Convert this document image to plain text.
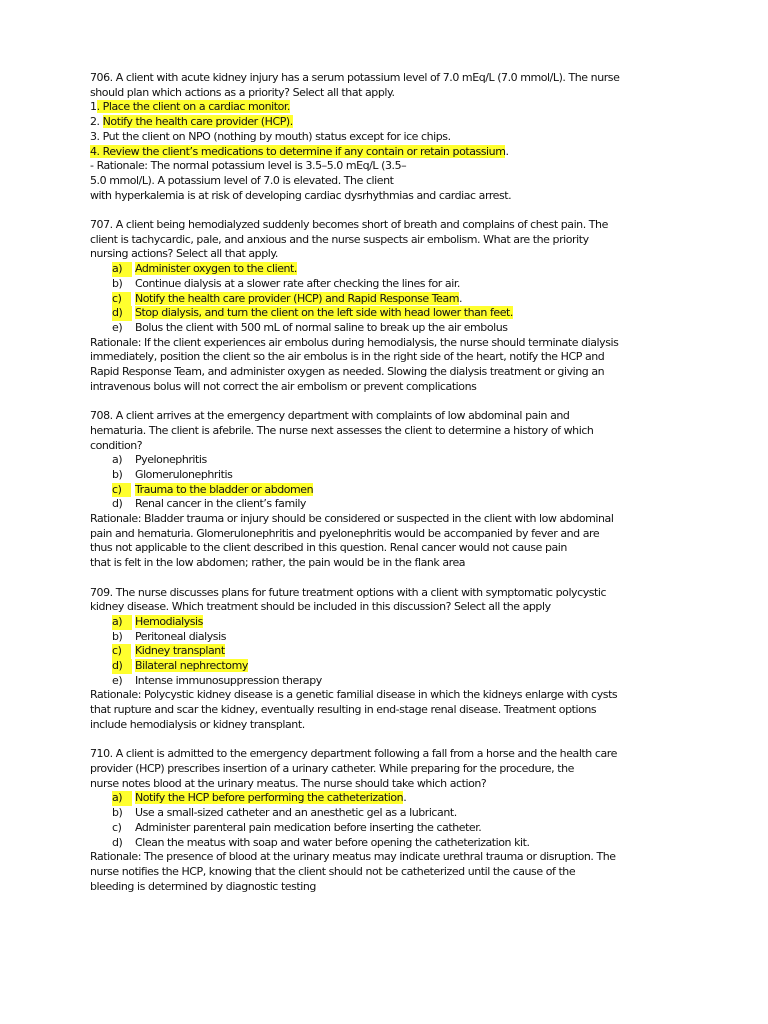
706. A client with acute kidney injury has a serum potassium level of 7.0 mEq/L (7.0 mmol/L). The nurse
should plan which actions as a priority? Select all that apply.
1. Place the client on a cardiac monitor.
2. Notify the health care provider (HCP).
3. Put the client on NPO (nothing by mouth) status except for ice chips.
4. Review the client’s medications to determine if any contain or retain potassium.
- Rationale: The normal potassium level is 3.5–5.0 mEq/L (3.5–
5.0 mmol/L). A potassium level of 7.0 is elevated. The client
with hyperkalemia is at risk of developing cardiac dysrhythmias and cardiac arrest.
707. A client being hemodialyzed suddenly becomes short of breath and complains of chest pain. The
client is tachycardic, pale, and anxious and the nurse suspects air embolism. What are the priority
nursing actions? Select all that apply.
a)	Administer oxygen to the client.
b) Continue dialysis at a slower rate after checking the lines for air.
c)	Notify the health care provider (HCP) and Rapid Response Team.
d)	Stop dialysis, and turn the client on the left side with head lower than feet.
e) Bolus the client with 500 mL of normal saline to break up the air embolus
Rationale: If the client experiences air embolus during hemodialysis, the nurse should terminate dialysis
immediately, position the client so the air embolus is in the right side of the heart, notify the HCP and
Rapid Response Team, and administer oxygen as needed. Slowing the dialysis treatment or giving an
intravenous bolus will not correct the air embolism or prevent complications
708. A client arrives at the emergency department with complaints of low abdominal pain and
hematuria. The client is afebrile. The nurse next assesses the client to determine a history of which
condition?
a) Pyelonephritis
b) Glomerulonephritis
c)	Trauma to the bladder or abdomen
d) Renal cancer in the client’s family
Rationale: Bladder trauma or injury should be considered or suspected in the client with low abdominal
pain and hematuria. Glomerulonephritis and pyelonephritis would be accompanied by fever and are
thus not applicable to the client described in this question. Renal cancer would not cause pain
that is felt in the low abdomen; rather, the pain would be in the flank area
709. The nurse discusses plans for future treatment options with a client with symptomatic polycystic
kidney disease. Which treatment should be included in this discussion? Select all the apply
a)	Hemodialysis
b) Peritoneal dialysis
c)	Kidney transplant
d)	Bilateral nephrectomy
e) Intense immunosuppression therapy
Rationale: Polycystic kidney disease is a genetic familial disease in which the kidneys enlarge with cysts
that rupture and scar the kidney, eventually resulting in end-stage renal disease. Treatment options
include hemodialysis or kidney transplant.
710. A client is admitted to the emergency department following a fall from a horse and the health care
provider (HCP) prescribes insertion of a urinary catheter. While preparing for the procedure, the
nurse notes blood at the urinary meatus. The nurse should take which action?
a)	Notify the HCP before performing the catheterization.
b) Use a small-sized catheter and an anesthetic gel as a lubricant.
c) Administer parenteral pain medication before inserting the catheter.
d) Clean the meatus with soap and water before opening the catheterization kit.
Rationale: The presence of blood at the urinary meatus may indicate urethral trauma or disruption. The
nurse notifies the HCP, knowing that the client should not be catheterized until the cause of the
bleeding is determined by diagnostic testing
